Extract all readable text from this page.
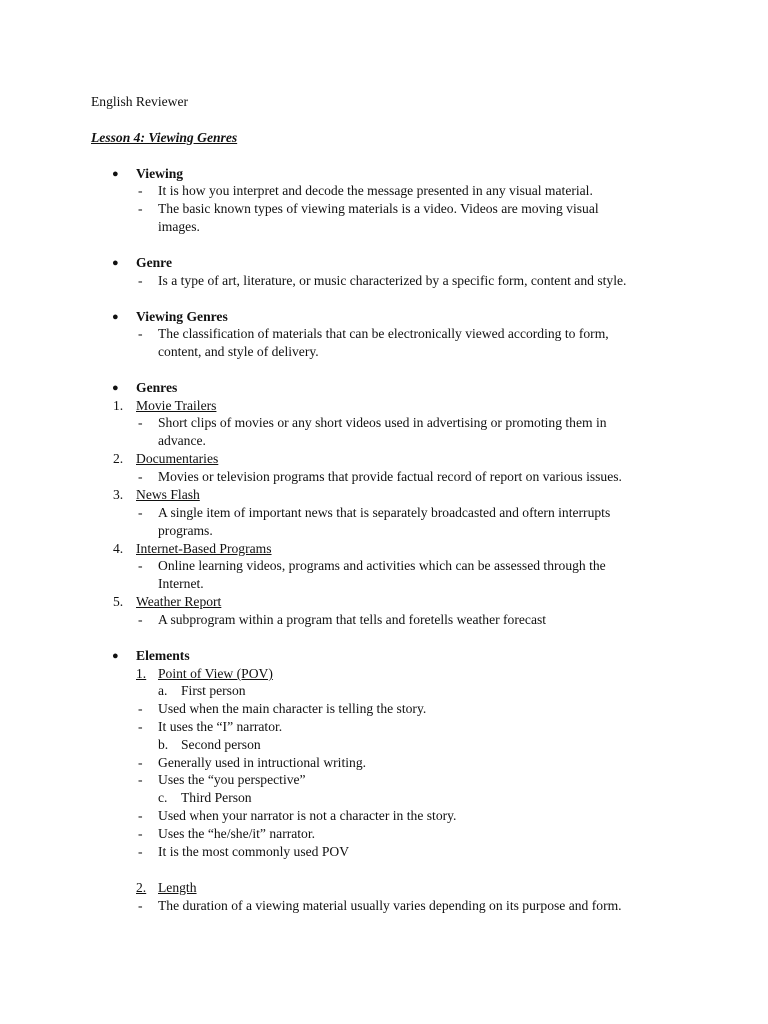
English Reviewer
Lesson 4: Viewing Genres
● Viewing
- It is how you interpret and decode the message presented in any visual material.
- The basic known types of viewing materials is a video. Videos are moving visual
images.
● Genre
- Is a type of art, literature, or music characterized by a specific form, content and style.
● Viewing Genres
- The classification of materials that can be electronically viewed according to form,
content, and style of delivery.
● Genres
1. Movie Trailers
- Short clips of movies or any short videos used in advertising or promoting them in
advance.
2. Documentaries
- Movies or television programs that provide factual record of report on various issues.
3. News Flash
- A single item of important news that is separately broadcasted and oftern interrupts
programs.
4. Internet-Based Programs
- Online learning videos, programs and activities which can be assessed through the
Internet.
5. Weather Report
- A subprogram within a program that tells and foretells weather forecast
● Elements
1. Point of View (POV)
a. First person
- Used when the main character is telling the story.
- It uses the “I” narrator.
b. Second person
- Generally used in intructional writing.
- Uses the “you perspective”
c. Third Person
- Used when your narrator is not a character in the story.
- Uses the “he/she/it” narrator.
- It is the most commonly used POV
2. Length
- The duration of a viewing material usually varies depending on its purpose and form.
